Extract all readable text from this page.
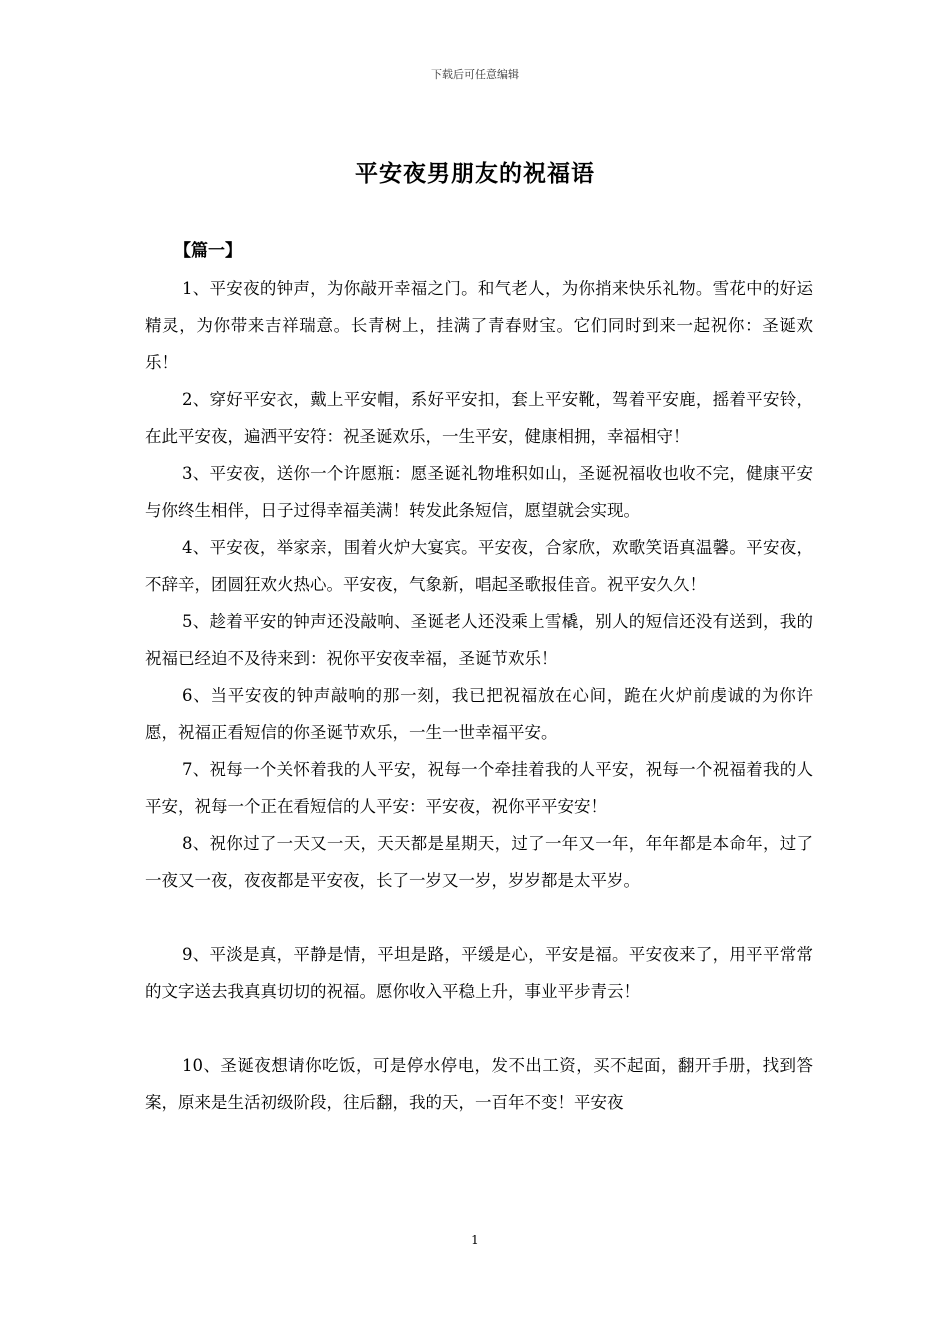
下载后可任意编辑
平安夜男朋友的祝福语
【篇一】

1、平安夜的钟声，为你敲开幸福之门。和气老人，为你捎来快乐礼物。雪花中的好运精灵，为你带来吉祥瑞意。长青树上，挂满了青春财宝。它们同时到来一起祝你：圣诞欢乐！

2、穿好平安衣，戴上平安帽，系好平安扣，套上平安靴，驾着平安鹿，摇着平安铃，在此平安夜，遍洒平安符：祝圣诞欢乐，一生平安，健康相拥，幸福相守！

3、平安夜，送你一个许愿瓶：愿圣诞礼物堆积如山，圣诞祝福收也收不完，健康平安与你终生相伴，日子过得幸福美满！转发此条短信，愿望就会实现。

4、平安夜，举家亲，围着火炉大宴宾。平安夜，合家欣，欢歌笑语真温馨。平安夜，不辞辛，团圆狂欢火热心。平安夜，气象新，唱起圣歌报佳音。祝平安久久！

5、趁着平安的钟声还没敲响、圣诞老人还没乘上雪橇，别人的短信还没有送到，我的祝福已经迫不及待来到：祝你平安夜幸福，圣诞节欢乐！

6、当平安夜的钟声敲响的那一刻，我已把祝福放在心间，跪在火炉前虔诚的为你许愿，祝福正看短信的你圣诞节欢乐，一生一世幸福平安。

7、祝每一个关怀着我的人平安，祝每一个牵挂着我的人平安，祝每一个祝福着我的人平安，祝每一个正在看短信的人平安：平安夜，祝你平平安安！

8、祝你过了一天又一天，天天都是星期天，过了一年又一年，年年都是本命年，过了一夜又一夜，夜夜都是平安夜，长了一岁又一岁，岁岁都是太平岁。

9、平淡是真，平静是情，平坦是路，平缓是心，平安是福。平安夜来了，用平平常常的文字送去我真真切切的祝福。愿你收入平稳上升，事业平步青云！

10、圣诞夜想请你吃饭，可是停水停电，发不出工资，买不起面，翻开手册，找到答案，原来是生活初级阶段，往后翻，我的天，一百年不变！平安夜

1
